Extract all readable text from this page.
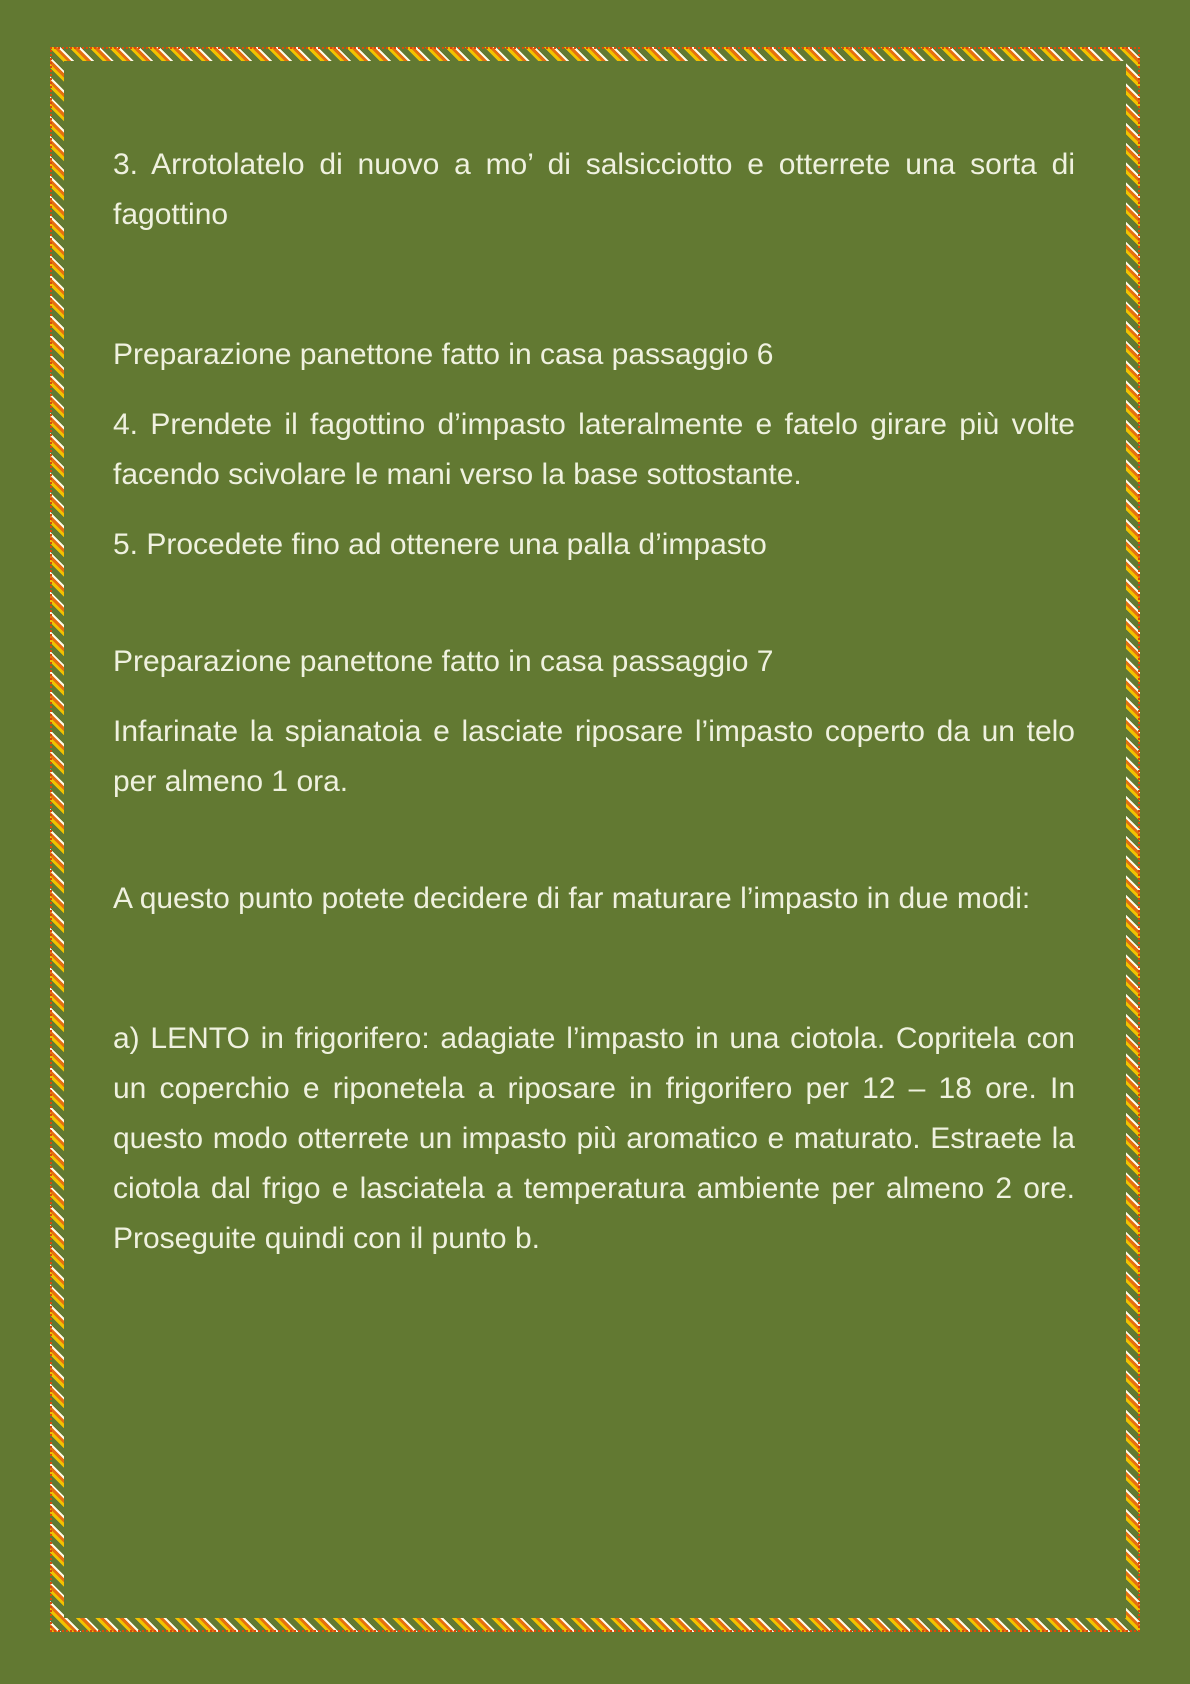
3. Arrotolatelo di nuovo a mo’ di salsicciotto e otterrete una sorta di fagottino

Preparazione panettone fatto in casa passaggio 6

4. Prendete il fagottino d’impasto lateralmente e fatelo girare più volte facendo scivolare le mani verso la base sottostante.

5. Procedete fino ad ottenere una palla d’impasto

Preparazione panettone fatto in casa passaggio 7

Infarinate la spianatoia e lasciate riposare l’impasto coperto da un telo per almeno 1 ora.

A questo punto potete decidere di far maturare l’impasto in due modi:

a) LENTO in frigorifero: adagiate l’impasto in una ciotola. Copritela con un coperchio e riponetela a riposare in frigorifero per 12 – 18 ore. In questo modo otterrete un impasto più aromatico e maturato. Estraete la ciotola dal frigo e lasciatela a temperatura ambiente per almeno 2 ore. Proseguite quindi con il punto b.
